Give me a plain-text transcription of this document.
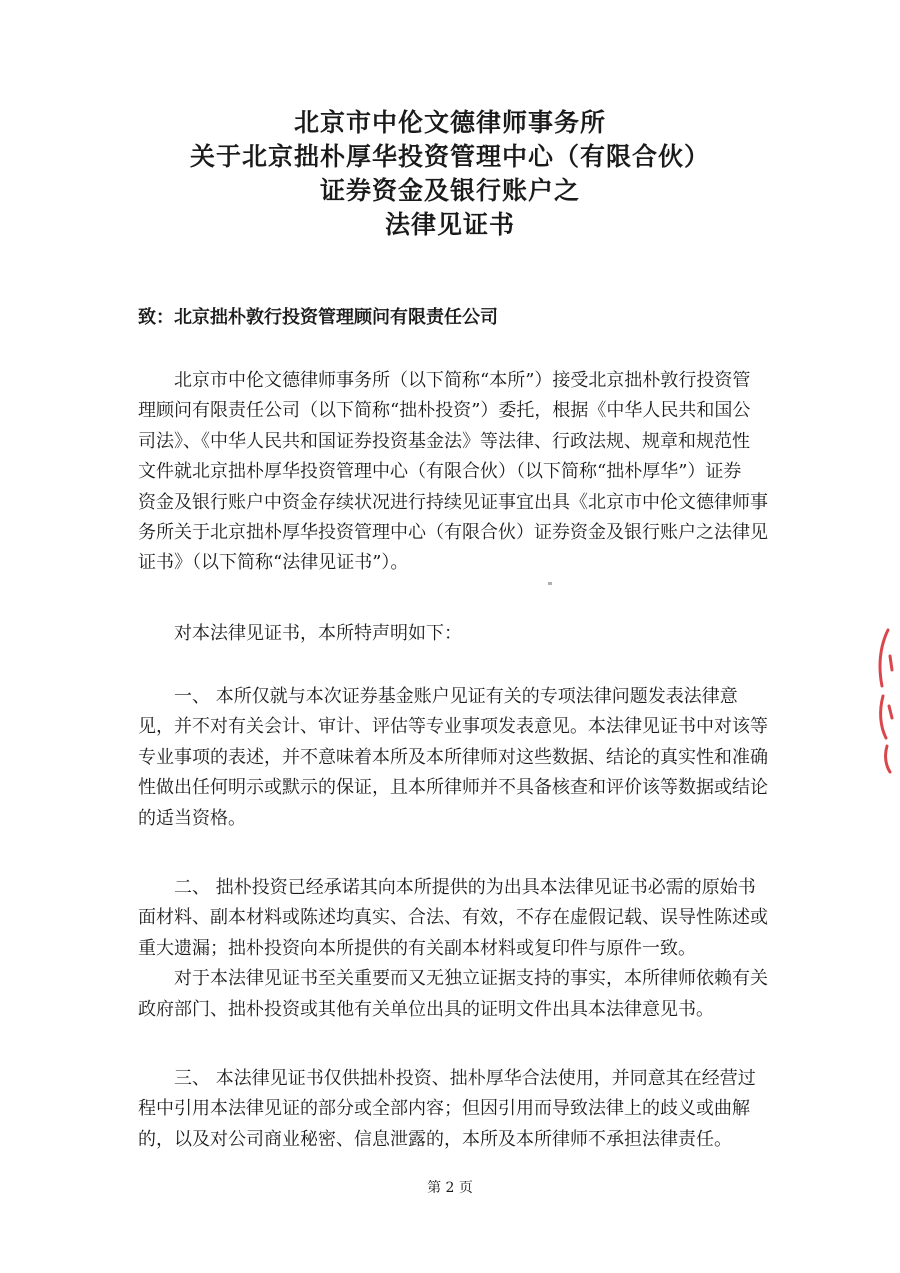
北京市中伦文德律师事务所
关于北京拙朴厚华投资管理中心（有限合伙）
证券资金及银行账户之
法律见证书
致：北京拙朴敦行投资管理顾问有限责任公司

北京市中伦文德律师事务所（以下简称“本所”）接受北京拙朴敦行投资管
理顾问有限责任公司（以下简称“拙朴投资”）委托，根据《中华人民共和国公
司法》、《中华人民共和国证券投资基金法》等法律、行政法规、规章和规范性
文件就北京拙朴厚华投资管理中心（有限合伙）（以下简称“拙朴厚华”）证券
资金及银行账户中资金存续状况进行持续见证事宜出具《北京市中伦文德律师事
务所关于北京拙朴厚华投资管理中心（有限合伙）证券资金及银行账户之法律见
证书》（以下简称“法律见证书”）。

对本法律见证书，本所特声明如下：

一、 本所仅就与本次证券基金账户见证有关的专项法律问题发表法律意
见，并不对有关会计、审计、评估等专业事项发表意见。本法律见证书中对该等
专业事项的表述，并不意味着本所及本所律师对这些数据、结论的真实性和准确
性做出任何明示或默示的保证，且本所律师并不具备核查和评价该等数据或结论
的适当资格。

二、 拙朴投资已经承诺其向本所提供的为出具本法律见证书必需的原始书
面材料、副本材料或陈述均真实、合法、有效，不存在虚假记载、误导性陈述或
重大遗漏；拙朴投资向本所提供的有关副本材料或复印件与原件一致。
对于本法律见证书至关重要而又无独立证据支持的事实，本所律师依赖有关
政府部门、拙朴投资或其他有关单位出具的证明文件出具本法律意见书。

三、 本法律见证书仅供拙朴投资、拙朴厚华合法使用，并同意其在经营过
程中引用本法律见证的部分或全部内容；但因引用而导致法律上的歧义或曲解
的，以及对公司商业秘密、信息泄露的，本所及本所律师不承担法律责任。

第 2 页
